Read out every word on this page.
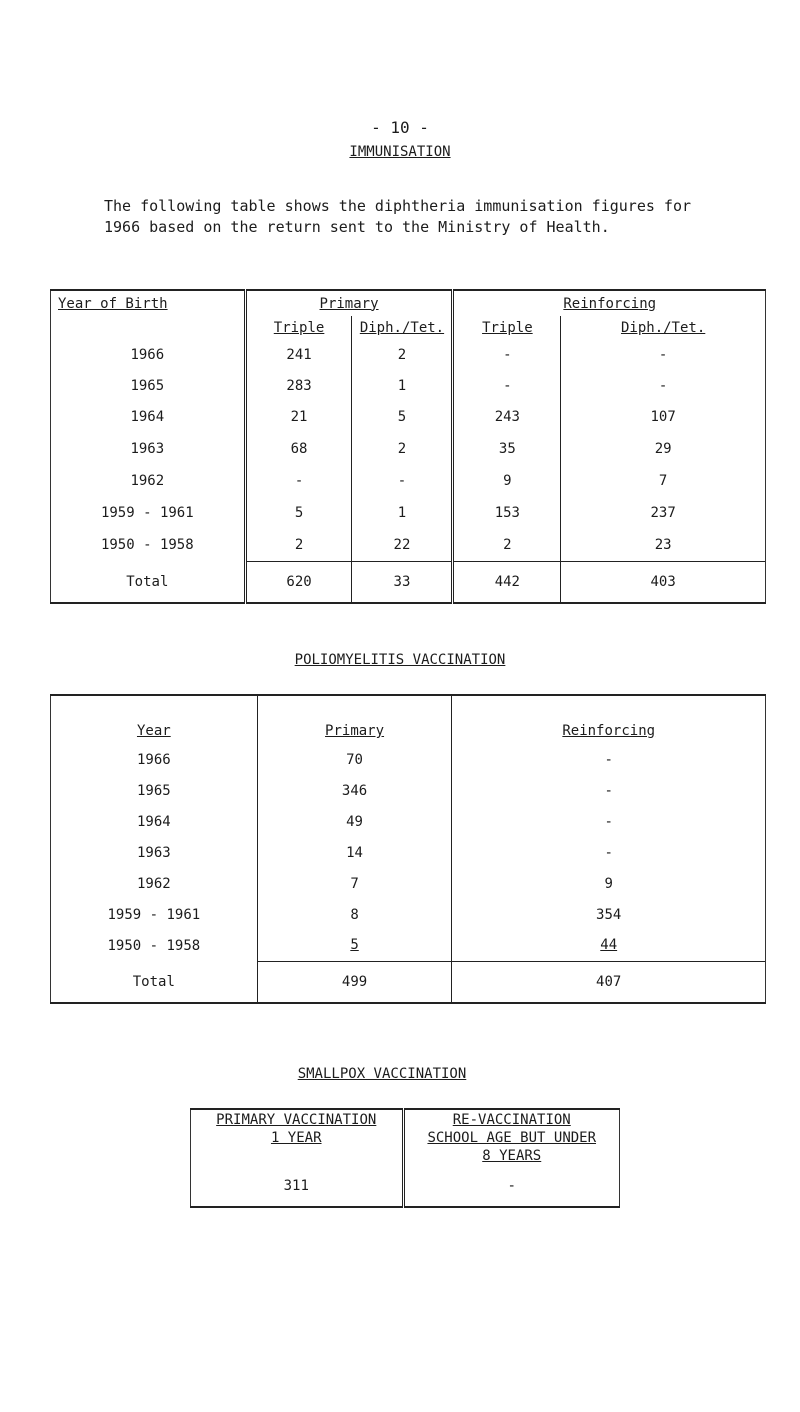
- 10 -
IMMUNISATION
The following table shows the diphtheria immunisation figures for 1966 based on the return sent to the Ministry of Health.
Year of Birth	Primary		Reinforcing	
	Triple	Diph./Tet.	Triple	Diph./Tet.
1966	241	2	-	-
1965	283	1	-	-
1964	21	5	243	107
1963	68	2	35	29
1962	-	-	9	7
1959 - 1961	5	1	153	237
1950 - 1958	2	22	2	23
Total	620	33	442	403
POLIOMYELITIS VACCINATION
Year	Primary	Reinforcing
1966	70	-
1965	346	-
1964	49	-
1963	14	-
1962	7	9
1959 - 1961	8	354
1950 - 1958	5	44
Total	499	407
SMALLPOX VACCINATION
PRIMARY VACCINATION	RE-VACCINATION
1 YEAR	SCHOOL AGE BUT UNDER
	8 YEARS
311	-
